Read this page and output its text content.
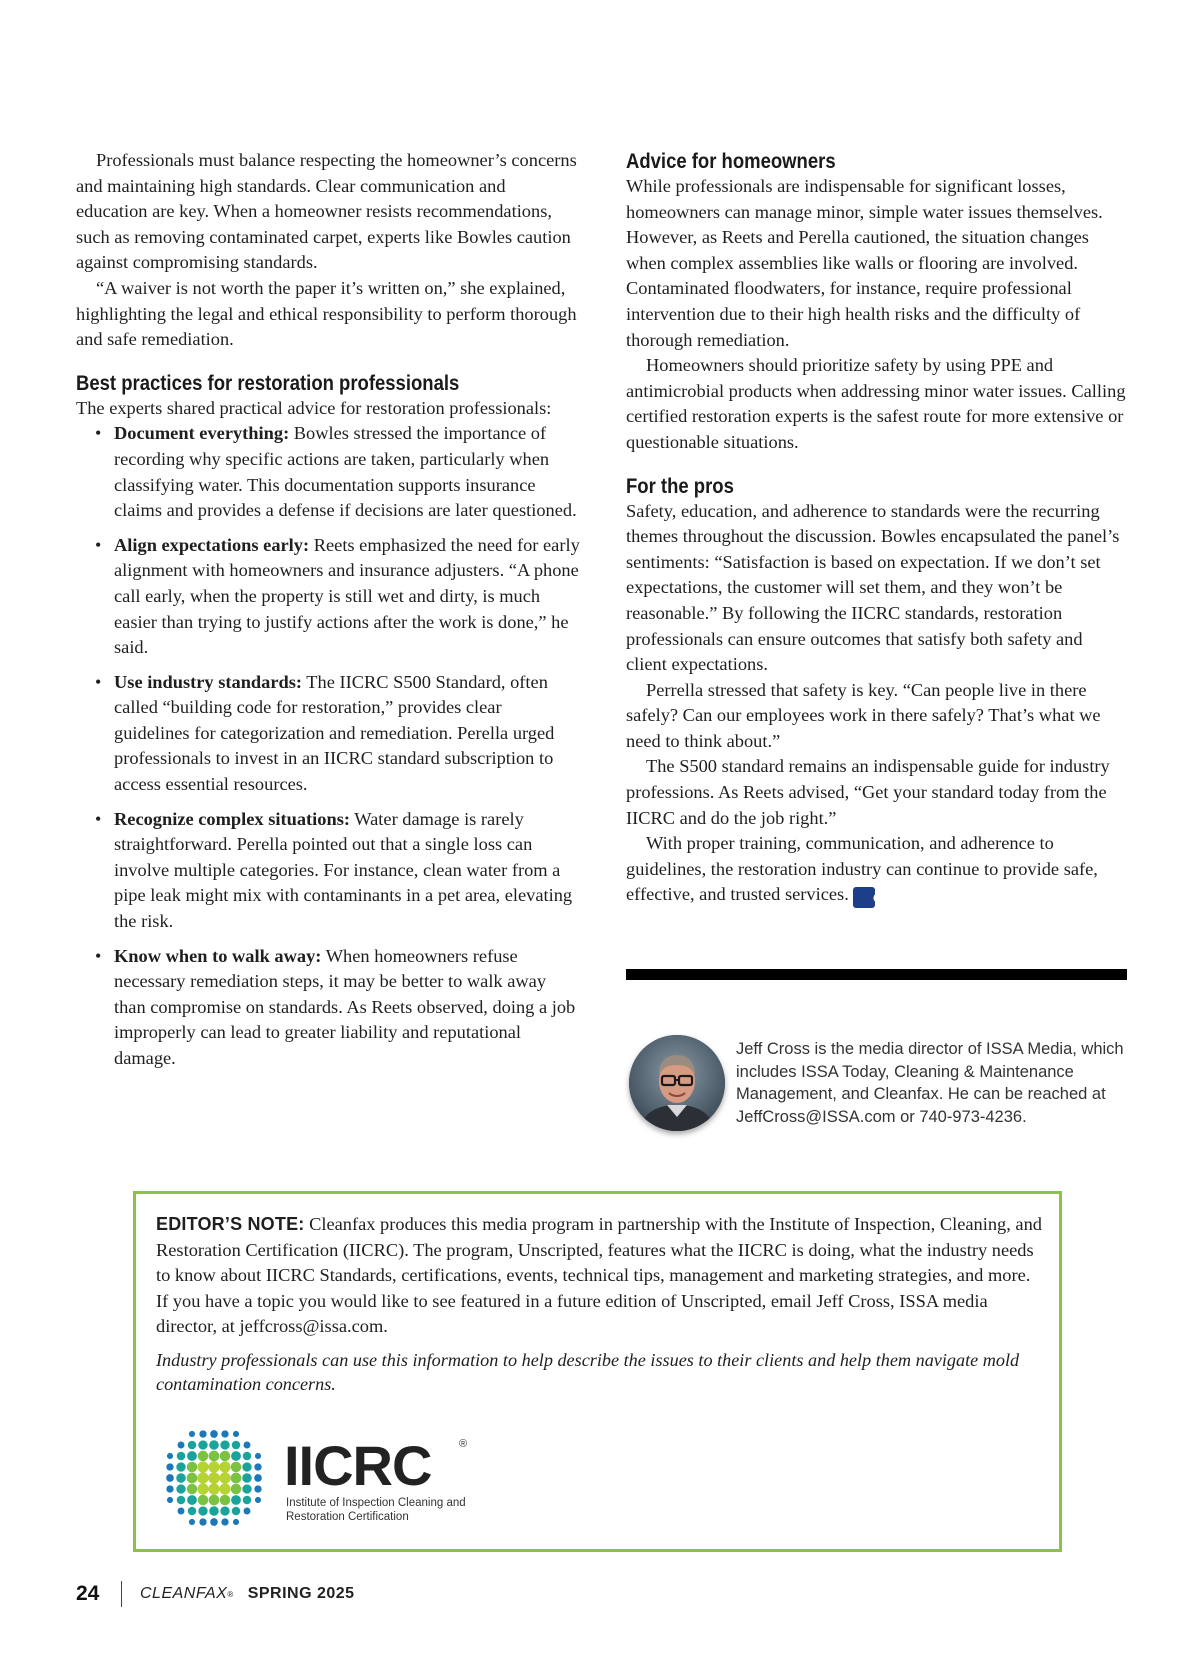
Professionals must balance respecting the homeowner’s concerns and maintaining high standards. Clear communication and education are key. When a homeowner resists recommendations, such as removing contaminated carpet, experts like Bowles caution against compromising standards.

“A waiver is not worth the paper it’s written on,” she explained, highlighting the legal and ethical responsibility to perform thorough and safe remediation.

Best practices for restoration professionals

The experts shared practical advice for restoration professionals:

• Document everything: Bowles stressed the importance of recording why specific actions are taken, particularly when classifying water. This documentation supports insurance claims and provides a defense if decisions are later questioned.
• Align expectations early: Reets emphasized the need for early alignment with homeowners and insurance adjusters. “A phone call early, when the property is still wet and dirty, is much easier than trying to justify actions after the work is done,” he said.
• Use industry standards: The IICRC S500 Standard, often called “building code for restoration,” provides clear guidelines for categorization and remediation. Perella urged professionals to invest in an IICRC standard subscription to access essential resources.
• Recognize complex situations: Water damage is rarely straightforward. Perella pointed out that a single loss can involve multiple categories. For instance, clean water from a pipe leak might mix with contaminants in a pet area, elevating the risk.
• Know when to walk away: When homeowners refuse necessary remediation steps, it may be better to walk away than compromise on standards. As Reets observed, doing a job improperly can lead to greater liability and reputational damage.
Advice for homeowners

While professionals are indispensable for significant losses, homeowners can manage minor, simple water issues themselves. However, as Reets and Perella cautioned, the situation changes when complex assemblies like walls or flooring are involved. Contaminated floodwaters, for instance, require professional intervention due to their high health risks and the difficulty of thorough remediation.

Homeowners should prioritize safety by using PPE and antimicrobial products when addressing minor water issues. Calling certified restoration experts is the safest route for more extensive or questionable situations.

For the pros

Safety, education, and adherence to standards were the recurring themes throughout the discussion. Bowles encapsulated the panel’s sentiments: “Satisfaction is based on expectation. If we don’t set expectations, the customer will set them, and they won’t be reasonable.” By following the IICRC standards, restoration professionals can ensure outcomes that satisfy both safety and client expectations.

Perrella stressed that safety is key. “Can people live in there safely? Can our employees work in there safely? That’s what we need to think about.”

The S500 standard remains an indispensable guide for industry professions. As Reets advised, “Get your standard today from the IICRC and do the job right.”

With proper training, communication, and adherence to guidelines, the restoration industry can continue to provide safe, effective, and trusted services. CF

Jeff Cross is the media director of ISSA Media, which includes ISSA Today, Cleaning & Maintenance Management, and Cleanfax. He can be reached at JeffCross@ISSA.com or 740-973-4236.

EDITOR’S NOTE: Cleanfax produces this media program in partnership with the Institute of Inspection, Cleaning, and Restoration Certification (IICRC). The program, Unscripted, features what the IICRC is doing, what the industry needs to know about IICRC Standards, certifications, events, technical tips, management and marketing strategies, and more. If you have a topic you would like to see featured in a future edition of Unscripted, email Jeff Cross, ISSA media director, at jeffcross@issa.com.

Industry professionals can use this information to help describe the issues to their clients and help them navigate mold contamination concerns.

IICRC	®
Institute of Inspection Cleaning and Restoration Certification
24	CLEANFAX ® SPRING 2025
